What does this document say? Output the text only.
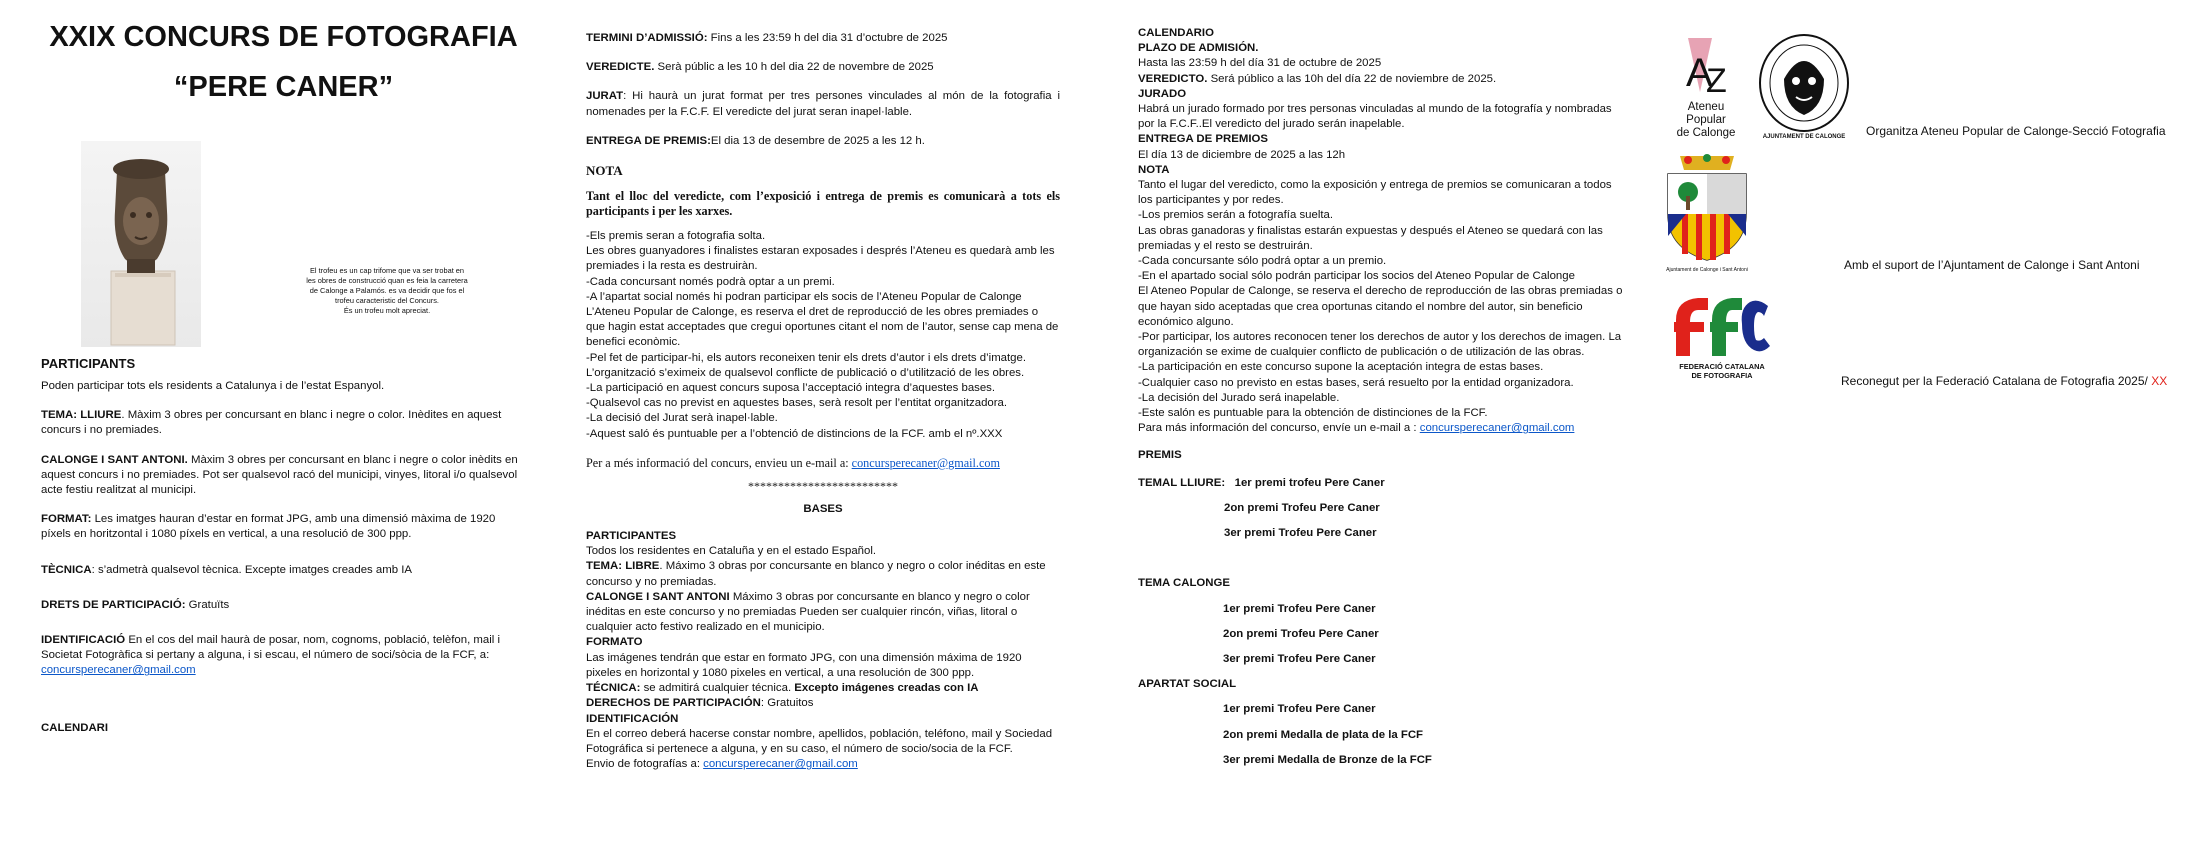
XXIX CONCURS DE FOTOGRAFIA

“PERE CANER”

El trofeu es un cap trifome que va ser trobat en
les obres de construcció quan es feia la carretera
de Calonge a Palamós. es va decidir que fos el
trofeu caracteristic del Concurs.
És un trofeu molt apreciat.

PARTICIPANTS

Poden participar tots els residents a Catalunya i de l’estat Espanyol.

TEMA: LLIURE. Màxim 3 obres per concursant en blanc i negre o color. Inèdites en aquest concurs i no premiades.

CALONGE I SANT ANTONI. Màxim 3 obres per concursant en blanc i negre o color inèdits en aquest concurs i no premiades. Pot ser qualsevol racó del municipi, vinyes, litoral i/o qualsevol acte festiu realitzat al municipi.

FORMAT: Les imatges hauran d’estar en format JPG, amb una dimensió màxima de 1920 píxels en horitzontal i 1080 píxels en vertical, a una resolució de 300 ppp.

TÈCNICA: s’admetrà qualsevol tècnica. Excepte imatges creades amb IA

DRETS DE PARTICIPACIÓ: Gratuïts

IDENTIFICACIÓ En el cos del mail haurà de posar, nom, cognoms, població, telèfon, mail i Societat Fotogràfica si pertany a alguna, i si escau, el número de soci/sòcia de la FCF, a:

concursperecaner@gmail.com

CALENDARI

TERMINI D’ADMISSIÓ: Fins a les 23:59 h del dia 31 d’octubre de 2025

VEREDICTE. Serà públic a les 10 h del dia 22 de novembre de 2025

JURAT: Hi haurà un jurat format per tres persones vinculades al món de la fotografia i nomenades per la F.C.F. El veredicte del jurat seran inapel·lable.

ENTREGA DE PREMIS:El dia 13 de desembre de 2025 a les 12 h.

NOTA

Tant el lloc del veredicte, com l’exposició i entrega de premis es comunicarà a tots els participants i per les xarxes.

-Els premis seran a fotografia solta.

Les obres guanyadores i finalistes estaran exposades i després l’Ateneu es quedarà amb les premiades i la resta es destruiràn.

-Cada concursant només podrà optar a un premi.

-A l’apartat social només hi podran participar els socis de l’Ateneu Popular de Calonge

L’Ateneu Popular de Calonge, es reserva el dret de reproducció de les obres premiades o que hagin estat acceptades que cregui oportunes citant el nom de l’autor, sense cap mena de benefici econòmic.

-Pel fet de participar-hi, els autors reconeixen tenir els drets d’autor i els drets d’imatge.

L’organització s’eximeix de qualsevol conflicte de publicació o d’utilització de les obres.

-La participació en aquest concurs suposa l’acceptació integra d’aquestes bases.

-Qualsevol cas no previst en aquestes bases, serà resolt per l’entitat organitzadora.

-La decisió del Jurat serà inapel·lable.

-Aquest saló és puntuable per a l’obtenció de distincions de la FCF. amb el nº.XXX

Per a més informació del concurs, envieu un e-mail a: concursperecaner@gmail.com

*************************

BASES

PARTICIPANTES

Todos los residentes en Cataluña y en el estado Español.

TEMA: LIBRE. Máximo 3 obras por concursante en blanco y negro o color inéditas en este concurso y no premiadas.

CALONGE I SANT ANTONI Máximo 3 obras por concursante en blanco y negro o color inéditas en este concurso y no premiadas Pueden ser cualquier rincón, viñas, litoral o cualquier acto festivo realizado en el municipio.

FORMATO

Las imágenes tendrán que estar en formato JPG, con una dimensión máxima de 1920 pixeles en horizontal y 1080 pixeles en vertical, a una resolución de 300 ppp.

TÉCNICA: se admitirá cualquier técnica. Excepto imágenes creadas con IA

DERECHOS DE PARTICIPACIÓN: Gratuitos

IDENTIFICACIÓN

En el correo deberá hacerse constar nombre, apellidos, población, teléfono, mail y Sociedad Fotográfica si pertenece a alguna, y en su caso, el número de socio/socia de la FCF.

Envio de fotografías a: concursperecaner@gmail.com

CALENDARIO

PLAZO DE ADMISIÓN.

Hasta las 23:59 h del día 31 de octubre de 2025

VEREDICTO. Será público a las 10h del día 22 de noviembre de 2025.

JURADO

Habrá un jurado formado por tres personas vinculadas al mundo de la fotografía y nombradas por la F.C.F..El veredicto del jurado serán inapelable.

ENTREGA DE PREMIOS

El día 13 de diciembre de 2025 a las 12h

NOTA

Tanto el lugar del veredicto, como la exposición y entrega de premios se comunicaran a todos los participantes y por redes.

-Los premios serán a fotografía suelta.

Las obras ganadoras y finalistas estarán expuestas y después el Ateneo se quedará con las premiadas y el resto se destruirán.

-Cada concursante sólo podrá optar a un premio.

-En el apartado social sólo podrán participar los socios del Ateneo Popular de Calonge

El Ateneo Popular de Calonge, se reserva el derecho de reproducción de las obras premiadas o que hayan sido aceptadas que crea oportunas citando el nombre del autor, sin beneficio económico alguno.

-Por participar, los autores reconocen tener los derechos de autor y los derechos de imagen. La organización se exime de cualquier conflicto de publicación o de utilización de las obras.

-La participación en este concurso supone la aceptación integra de estas bases.

-Cualquier caso no previsto en estas bases, será resuelto por la entidad organizadora.

-La decisión del Jurado será inapelable.

-Este salón es puntuable para la obtención de distinciones de la FCF.

Para más información del concurso, envíe un e-mail a : concursperecaner@gmail.com

PREMIS

TEMAL LLIURE: 1er premi trofeu Pere Caner

2on premi Trofeu Pere Caner

3er premi Trofeu Pere Caner

TEMA CALONGE

1er premi Trofeu Pere Caner

2on premi Trofeu Pere Caner

3er premi Trofeu Pere Caner

APARTAT SOCIAL

1er premi Trofeu Pere Caner

2on premi Medalla de plata de la FCF

3er premi Medalla de Bronze de la FCF

A
Z
Ateneu Popular
de Calonge	AJUNTAMENT DE CALONGE	Organitza Ateneu Popular de Calonge-Secció Fotografia

Ajuntament de Calonge i Sant Antoni	Amb el suport de l’Ajuntament de Calonge i Sant Antoni

FEDERACIÓ CATALANA
DE FOTOGRAFIA	Reconegut per la Federació Catalana de Fotografia 2025/ XX
